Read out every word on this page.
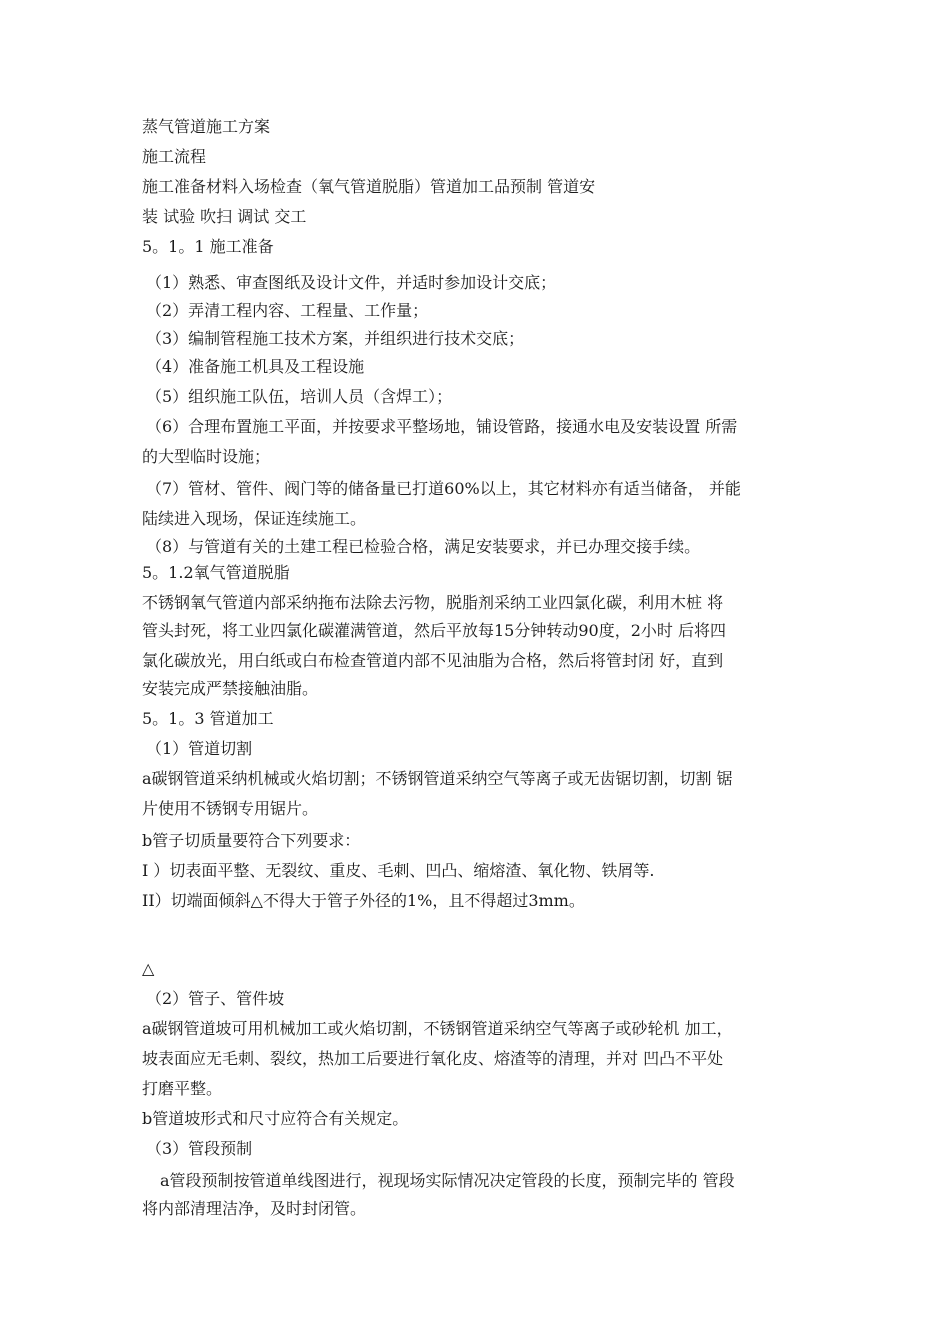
蒸气管道施工方案
施工流程
施工准备材料入场检查（氧气管道脱脂）管道加工品预制 管道安
装 试验 吹扫 调试 交工
5。1。1 施工准备
（1）熟悉、审查图纸及设计文件，并适时参加设计交底；
（2）弄清工程内容、工程量、工作量；
（3）编制管程施工技术方案，并组织进行技术交底；
（4）准备施工机具及工程设施
（5）组织施工队伍，培训人员（含焊工）；
（6）合理布置施工平面，并按要求平整场地，铺设管路，接通水电及安装设置 所需
的大型临时设施；
（7）管材、管件、阀门等的储备量已打道60%以上，其它材料亦有适当储备， 并能
陆续进入现场，保证连续施工。
（8）与管道有关的土建工程已检验合格，满足安装要求，并已办理交接手续。
5。1.2氧气管道脱脂
不锈钢氧气管道内部采纳拖布法除去污物，脱脂剂采纳工业四氯化碳，利用木桩 将
管头封死，将工业四氯化碳灌满管道，然后平放每15分钟转动90度，2小时 后将四
氯化碳放光，用白纸或白布检查管道内部不见油脂为合格，然后将管封闭 好，直到
安装完成严禁接触油脂。
5。1。3 管道加工
（1）管道切割
a碳钢管道采纳机械或火焰切割；不锈钢管道采纳空气等离子或无齿锯切割，切割 锯
片使用不锈钢专用锯片。
b管子切质量要符合下列要求：
I ）切表面平整、无裂纹、重皮、毛刺、凹凸、缩熔渣、氧化物、铁屑等.
II）切端面倾斜△不得大于管子外径的1%，且不得超过3mm。
△
（2）管子、管件坡
a碳钢管道坡可用机械加工或火焰切割，不锈钢管道采纳空气等离子或砂轮机 加工，
坡表面应无毛刺、裂纹，热加工后要进行氧化皮、熔渣等的清理，并对 凹凸不平处
打磨平整。
b管道坡形式和尺寸应符合有关规定。
（3）管段预制
a管段预制按管道单线图进行，视现场实际情况决定管段的长度，预制完毕的 管段
将内部清理洁净，及时封闭管。
